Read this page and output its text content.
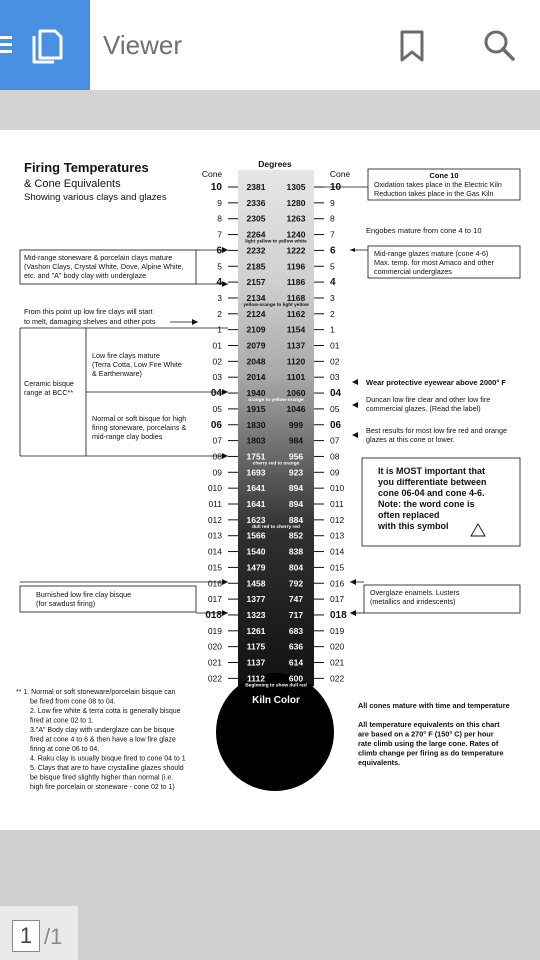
Viewer
Firing Temperatures
& Cone Equivalents
Showing various clays and glazes
Degrees
Cone	Cone
Kiln Color
Cone 10
Oxidation takes place in the Electric Kiln
Reduction takes place in the Gas Kiln
Engobes mature from cone 4 to 10
Mid-range glazes mature (cone 4-6)
Max. temp. for most Amaco and other
commercial underglazes
Mid-range stoneware & porcelain clays mature
(Vashon Clays, Crystal White, Dove, Alpine White,
etc. and "A" body clay with underglaze
From this point up low fire clays will start
to melt, damaging shelves and other pots
Low fire clays mature
(Terra Cotta, Low Fire White
& Earthenware)
Ceramic bisque
range at BCC**
Normal or soft bisque for high
firing stoneware, porcelains &
mid-range clay bodies
Wear protective eyewear above 2000° F
Duncan low fire clear and other low fire
commercial glazes. (Read the label)
Best results for most low fire red and orange
glazes at this cone or lower.
It is MOST important that
you differentiate between
cone 06-04 and cone 4-6.
Note: the word cone is
often replaced
with this symbol
Burnished low fire clay bisque
(for sawdust firing)
Overglaze enamels. Lusters
(metallics and irridescents)
** 1. Normal or soft stoneware/porcelain bisque can
be fired from cone 08 to 04.
2. Low fire white & terra cotta is generally bisque
fired at cone 02 to 1.
3."A" Body clay with underglaze can be bisque
fired at cone 4 to 6 & then have a low fire glaze
firing at cone 06 to 04.
4. Raku clay is usually bisque fired to cone 04 to 1
5. Clays that are to have crystalline glazes should
be bisque fired slightly higher than normal (i.e.
high fire porcelain or stoneware - cone 02 to 1)
All cones mature with time and temperature
All temperature equivalents on this chart
are based on a 270° F (150° C) per hour
rate climb using the large cone. Rates of
climb change per firing as do temperature
equivalents.
10	2381 1305 10
9	2336 1280	9
8	2305 1263	8
7	2264 1240	7
6	2232 1222 6
5	2185	1196	5
4	2157	1186 4
3	2134	1168	3
2	2124	1162	2
1	2109	1154	1
01	2079	1137	01
02	2048	1120	02
03	2014	1101	03
04	1940 1060 04
05	1915 1046	05
06	1830	999	06
07	1803	984	07
08	1751	956	08
09	1693	923	09
010	1641	894	010
011	1641	894	011
012	1623	884	012
013	1566	852	013
014	1540	838	014
015	1479	804	015
016	1458	792	016
017	1377	747	017
018	1323	717	018
019	1261	683	019
020	1175	636	020
021	1137	614	021
022	1112	600	022
light yellow to yellow white
yellow-orange to light yellow
orange to yellow-orange
cherry red to orange
dull red to cherry red
Beginning to show dull red
1 /1
